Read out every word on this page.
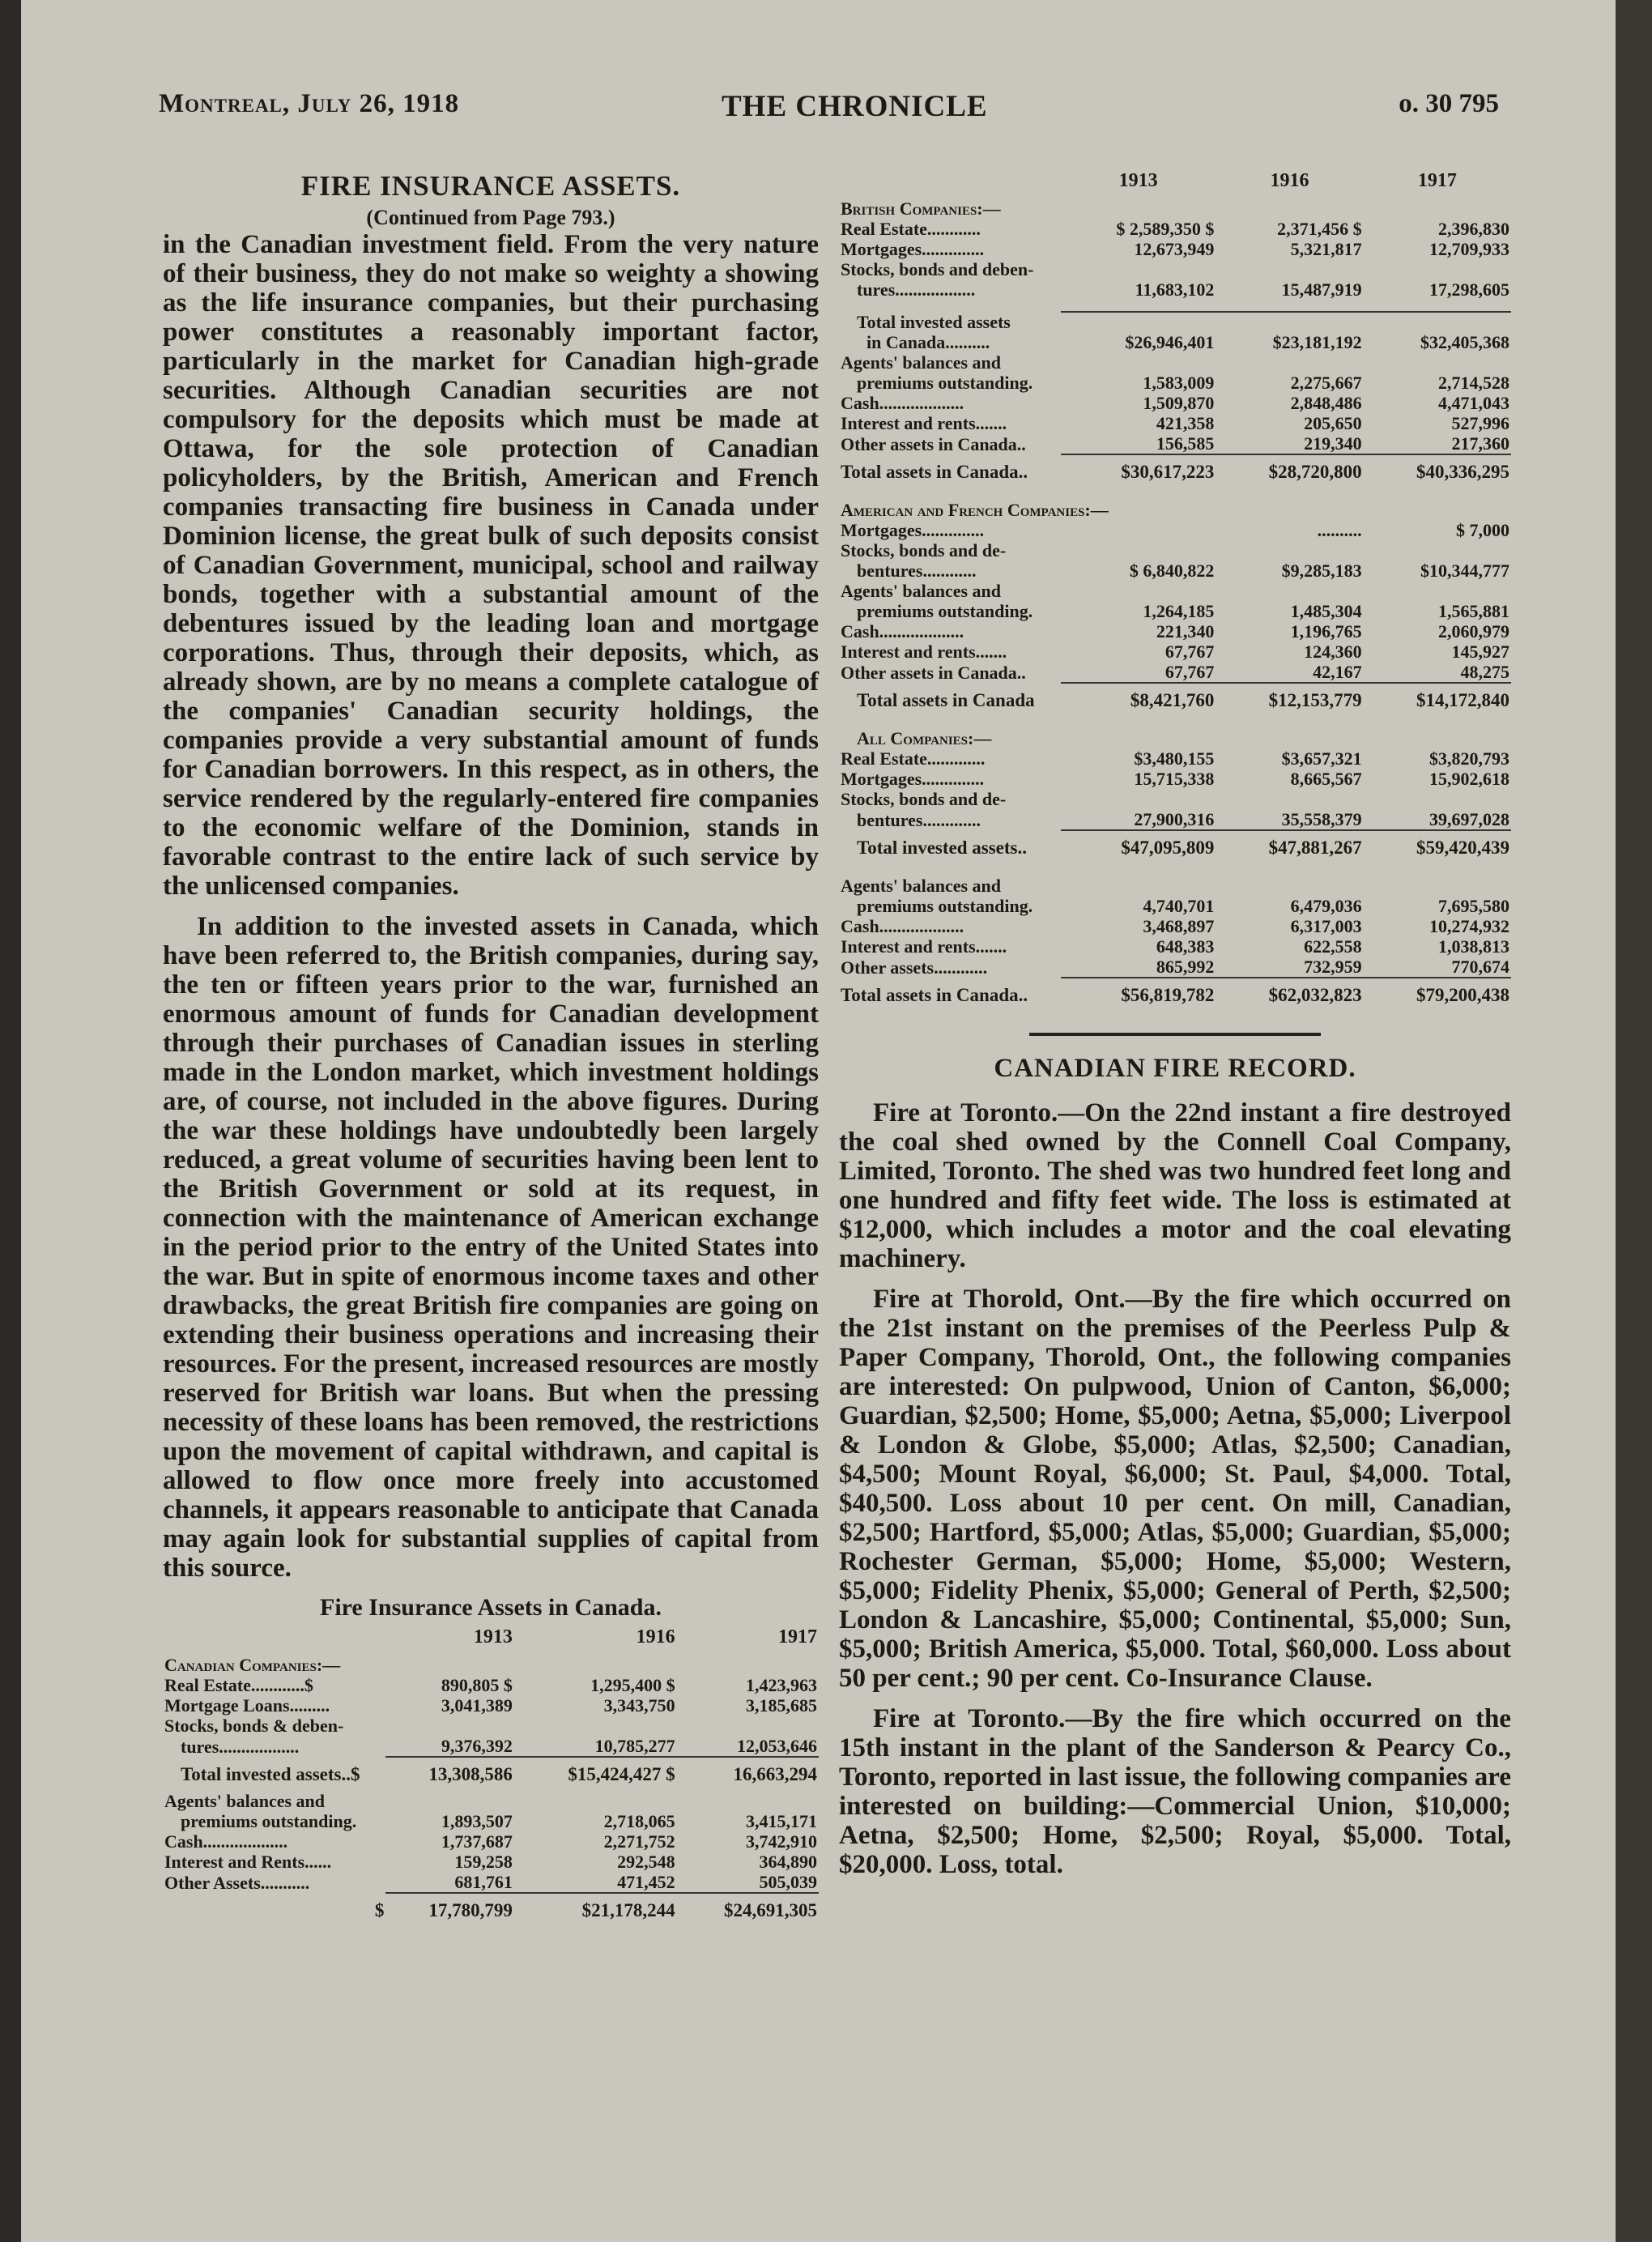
Montreal, July 26, 1918	THE CHRONICLE	o. 30 795
FIRE INSURANCE ASSETS.
(Continued from Page 793.)

in the Canadian investment field. From the very nature of their business, they do not make so weighty a showing as the life insurance companies, but their purchasing power constitutes a reasonably important factor, particularly in the market for Canadian high-grade securities. Although Canadian securities are not compulsory for the deposits which must be made at Ottawa, for the sole protection of Canadian policyholders, by the British, American and French companies transacting fire business in Canada under Dominion license, the great bulk of such deposits consist of Canadian Government, municipal, school and railway bonds, together with a substantial amount of the debentures issued by the leading loan and mortgage corporations. Thus, through their deposits, which, as already shown, are by no means a complete catalogue of the companies' Canadian security holdings, the companies provide a very substantial amount of funds for Canadian borrowers. In this respect, as in others, the service rendered by the regularly-entered fire companies to the economic welfare of the Dominion, stands in favorable contrast to the entire lack of such service by the unlicensed companies.

In addition to the invested assets in Canada, which have been referred to, the British companies, during say, the ten or fifteen years prior to the war, furnished an enormous amount of funds for Canadian development through their purchases of Canadian issues in sterling made in the London market, which investment holdings are, of course, not included in the above figures. During the war these holdings have undoubtedly been largely reduced, a great volume of securities having been lent to the British Government or sold at its request, in connection with the maintenance of American exchange in the period prior to the entry of the United States into the war. But in spite of enormous income taxes and other drawbacks, the great British fire companies are going on extending their business operations and increasing their resources. For the present, increased resources are mostly reserved for British war loans. But when the pressing necessity of these loans has been removed, the restrictions upon the movement of capital withdrawn, and capital is allowed to flow once more freely into accustomed channels, it appears reasonable to anticipate that Canada may again look for substantial supplies of capital from this source.

Fire Insurance Assets in Canada.
	1913	1916	1917
Canadian Companies:—			
Real Estate............$	890,805 $	1,295,400 $	1,423,963
Mortgage Loans.........	3,041,389	3,343,750	3,185,685
Stocks, bonds & deben-			
tures..................	9,376,392	10,785,277	12,053,646
Total invested assets..$	13,308,586	$15,424,427 $	16,663,294
Agents' balances and			
premiums outstanding.	1,893,507	2,718,065	3,415,171
Cash...................	1,737,687	2,271,752	3,742,910
Interest and Rents......	159,258	292,548	364,890
Other Assets...........	681,761	471,452	505,039
$	17,780,799	$21,178,244	$24,691,305
	1913	1916	1917
British Companies:—			
Real Estate............	$ 2,589,350 $	2,371,456 $	2,396,830
Mortgages..............	12,673,949	5,321,817	12,709,933
Stocks, bonds and deben-			
tures..................	11,683,102	15,487,919	17,298,605

Total invested assets			
in Canada..........	$26,946,401	$23,181,192	$32,405,368
Agents' balances and			
premiums outstanding.	1,583,009	2,275,667	2,714,528
Cash...................	1,509,870	2,848,486	4,471,043
Interest and rents.......	421,358	205,650	527,996
Other assets in Canada..	156,585	219,340	217,360
Total assets in Canada..	$30,617,223	$28,720,800	$40,336,295

American and French Companies:—			
Mortgages..............		..........	$ 7,000
Stocks, bonds and de-			
bentures............	$ 6,840,822	$9,285,183	$10,344,777
Agents' balances and			
premiums outstanding.	1,264,185	1,485,304	1,565,881
Cash...................	221,340	1,196,765	2,060,979
Interest and rents.......	67,767	124,360	145,927
Other assets in Canada..	67,767	42,167	48,275
Total assets in Canada	$8,421,760	$12,153,779	$14,172,840

All Companies:—			
Real Estate.............	$3,480,155	$3,657,321	$3,820,793
Mortgages..............	15,715,338	8,665,567	15,902,618
Stocks, bonds and de-			
bentures.............	27,900,316	35,558,379	39,697,028
Total invested assets..	$47,095,809	$47,881,267	$59,420,439

Agents' balances and			
premiums outstanding.	4,740,701	6,479,036	7,695,580
Cash...................	3,468,897	6,317,003	10,274,932
Interest and rents.......	648,383	622,558	1,038,813
Other assets............	865,992	732,959	770,674
Total assets in Canada..	$56,819,782	$62,032,823	$79,200,438
CANADIAN FIRE RECORD.

Fire at Toronto.—On the 22nd instant a fire destroyed the coal shed owned by the Connell Coal Company, Limited, Toronto. The shed was two hundred feet long and one hundred and fifty feet wide. The loss is estimated at $12,000, which includes a motor and the coal elevating machinery.

Fire at Thorold, Ont.—By the fire which occurred on the 21st instant on the premises of the Peerless Pulp & Paper Company, Thorold, Ont., the following companies are interested: On pulpwood, Union of Canton, $6,000; Guardian, $2,500; Home, $5,000; Aetna, $5,000; Liverpool & London & Globe, $5,000; Atlas, $2,500; Canadian, $4,500; Mount Royal, $6,000; St. Paul, $4,000. Total, $40,500. Loss about 10 per cent. On mill, Canadian, $2,500; Hartford, $5,000; Atlas, $5,000; Guardian, $5,000; Rochester German, $5,000; Home, $5,000; Western, $5,000; Fidelity Phenix, $5,000; General of Perth, $2,500; London & Lancashire, $5,000; Continental, $5,000; Sun, $5,000; British America, $5,000. Total, $60,000. Loss about 50 per cent.; 90 per cent. Co-Insurance Clause.

Fire at Toronto.—By the fire which occurred on the 15th instant in the plant of the Sanderson & Pearcy Co., Toronto, reported in last issue, the following companies are interested on building:—Commercial Union, $10,000; Aetna, $2,500; Home, $2,500; Royal, $5,000. Total, $20,000. Loss, total.
